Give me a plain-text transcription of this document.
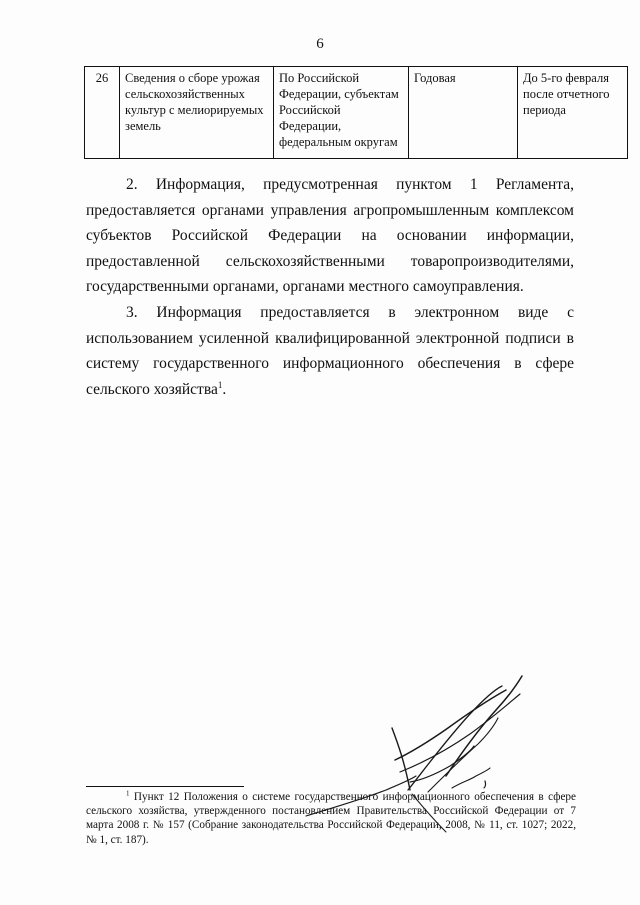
6
26	Сведения о сборе урожая сельскохозяйственных культур с мелиорируемых земель	По Российской Федерации, субъектам Российской Федерации, федеральным округам	Годовая	До 5-го февраля после отчетного периода

2. Информация, предусмотренная пунктом 1 Регламента, предоставляется органами управления агропромышленным комплексом субъектов Российской Федерации на основании информации, предоставленной сельскохозяйственными товаропроизводителями, государственными органами, органами местного самоуправления.

3. Информация предоставляется в электронном виде с использованием усиленной квалифицированной электронной подписи в систему государственного информационного обеспечения в сфере сельского хозяйства$^1$.

$^1$ Пункт 12 Положения о системе государственного информационного обеспечения в сфере сельского хозяйства, утвержденного постановлением Правительства Российской Федерации от 7 марта 2008 г. № 157 (Собрание законодательства Российской Федерации, 2008, № 11, ст. 1027; 2022, № 1, ст. 187).
